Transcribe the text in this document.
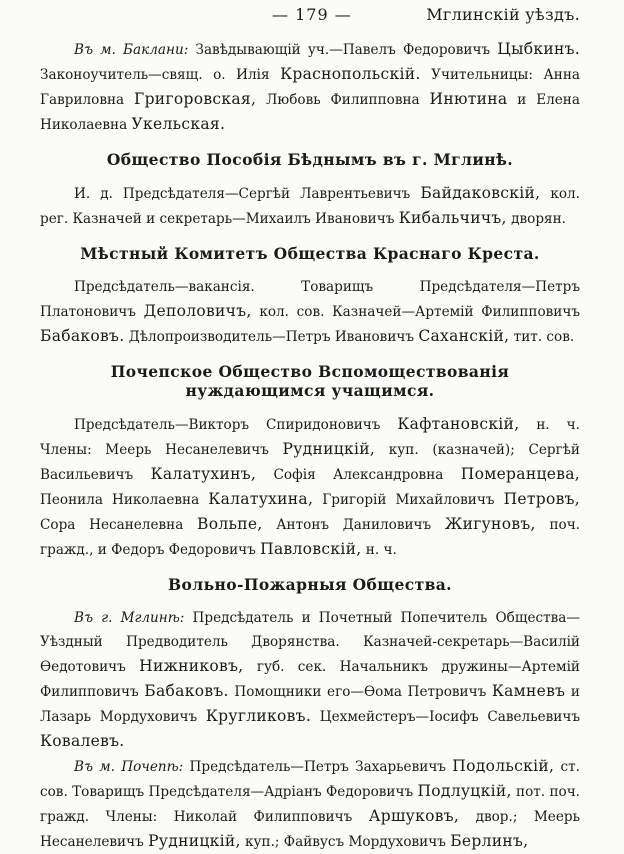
— 179 —	Мглинскій уѣздъ.

Въ м. Баклани: Завѣдывающій уч.—Павелъ Федоровичъ Цыбкинъ. Законоучитель—свящ. о. Илія Краснопольскій. Учительницы: Анна Гавриловна Григоровская, Любовь Филипповна Инютина и Елена Николаевна Укельская.

Общество Пособія Бѣднымъ въ г. Мглинѣ.

И. д. Предсѣдателя—Сергѣй Лаврентьевичъ Байдаковскій, кол. рег. Казначей и секретарь—Михаилъ Ивановичъ Кибальчичъ, дворян.

Мѣстный Комитетъ Общества Краснаго Креста.

Предсѣдатель—вакансія. Товарищъ Предсѣдателя—Петръ Платоновичъ Деполовичъ, кол. сов. Казначей—Артемій Филипповичъ Бабаковъ. Дѣлопроизводитель—Петръ Ивановичъ Саханскій, тит. сов.

Почепское Общество Вспомоществованія нуждающимся учащимся.

Предсѣдатель—Викторъ Спиридоновичъ Кафтановскій, н. ч. Члены: Меерь Несанелевичъ Рудницкій, куп. (казначей); Сергѣй Васильевичъ Калатухинъ, Софія Александровна Померанцева, Пеонила Николаевна Калатухина, Григорій Михайловичъ Петровъ, Сора Несанелевна Вольпе, Антонъ Даниловичъ Жигуновъ, поч. гражд., и Федоръ Федоровичъ Павловскій, н. ч.

Вольно-Пожарныя Общества.

Въ г. Мглинѣ: Предсѣдатель и Почетный Попечитель Общества—Уѣздный Предводитель Дворянства. Казначей-секретарь—Василій Ѳедотовичъ Нижниковъ, губ. сек. Начальникъ дружины—Артемій Филипповичъ Бабаковъ. Помощники его—Ѳома Петровичъ Камневъ и Лазарь Мордуховичъ Кругликовъ. Цехмейстеръ—Іосифъ Савельевичъ Ковалевъ.

Въ м. Почепѣ: Предсѣдатель—Петръ Захарьевичъ Подольскій, ст. сов. Товарищъ Предсѣдателя—Адріанъ Федоровичъ Подлуцкій, пот. поч. гражд. Члены: Николай Филипповичъ Аршуковъ, двор.; Меерь Несанелевичъ Рудницкій, куп.; Файвусъ Мордуховичъ Берлинъ,
